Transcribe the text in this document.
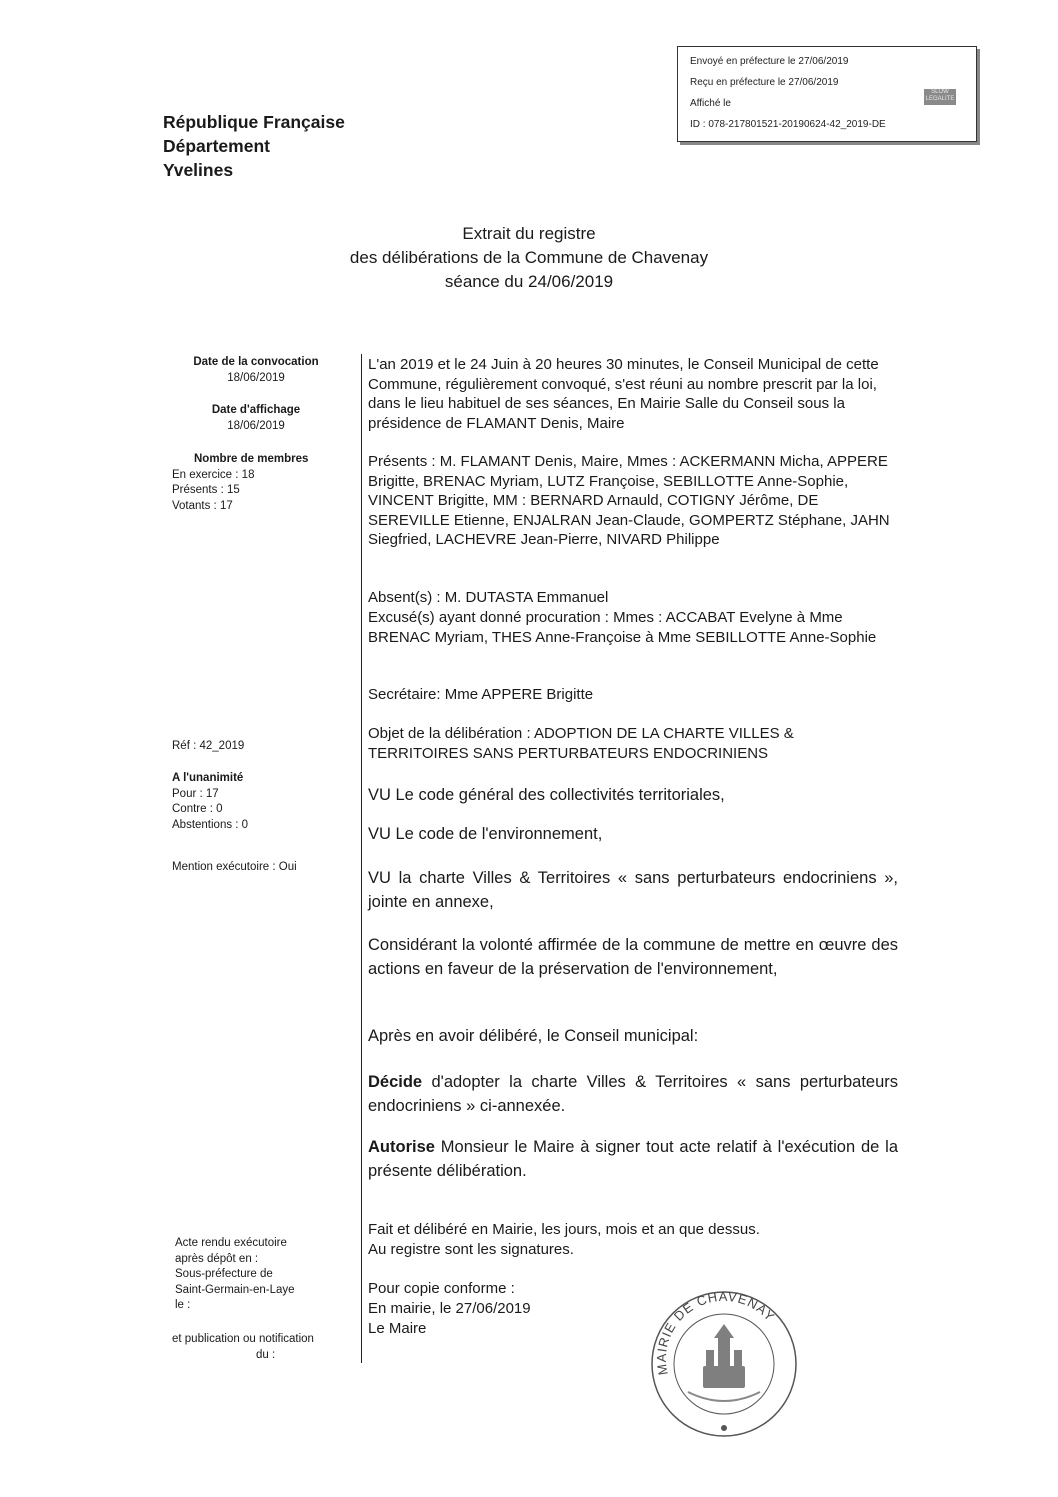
Envoyé en préfecture le 27/06/2019
Reçu en préfecture le 27/06/2019
Affiché le
ID : 078-217801521-20190624-42_2019-DE
SLOW LEGALITE
République Française
Département
Yvelines
Extrait du registre
des délibérations de la Commune de Chavenay
séance du 24/06/2019
Date de la convocation
18/06/2019
Date d'affichage
18/06/2019
Nombre de membres
En exercice : 18
Présents : 15
Votants : 17
Réf : 42_2019
A l'unanimité
Pour : 17
Contre : 0
Abstentions : 0
Mention exécutoire : Oui
Acte rendu exécutoire
après dépôt en :
Sous-préfecture de
Saint-Germain-en-Laye
le :
et publication ou notification
du :
L'an 2019 et le 24 Juin à 20 heures 30 minutes, le Conseil Municipal de cette Commune, régulièrement convoqué, s'est réuni au nombre prescrit par la loi, dans le lieu habituel de ses séances, En Mairie Salle du Conseil sous la présidence de FLAMANT Denis, Maire
Présents : M. FLAMANT Denis, Maire, Mmes : ACKERMANN Micha, APPERE Brigitte, BRENAC Myriam, LUTZ Françoise, SEBILLOTTE Anne-Sophie, VINCENT Brigitte, MM : BERNARD Arnauld, COTIGNY Jérôme, DE SEREVILLE Etienne, ENJALRAN Jean-Claude, GOMPERTZ Stéphane, JAHN Siegfried, LACHEVRE Jean-Pierre, NIVARD Philippe
Absent(s) : M. DUTASTA Emmanuel
Excusé(s) ayant donné procuration : Mmes : ACCABAT Evelyne à Mme BRENAC Myriam, THES Anne-Françoise à Mme SEBILLOTTE Anne-Sophie
Secrétaire: Mme APPERE Brigitte
Objet de la délibération : ADOPTION DE LA CHARTE VILLES & TERRITOIRES SANS PERTURBATEURS ENDOCRINIENS
VU Le code général des collectivités territoriales,
VU Le code de l'environnement,
VU la charte Villes & Territoires « sans perturbateurs endocriniens », jointe en annexe,
Considérant la volonté affirmée de la commune de mettre en œuvre des actions en faveur de la préservation de l'environnement,
Après en avoir délibéré, le Conseil municipal:
Décide d'adopter la charte Villes & Territoires « sans perturbateurs endocriniens » ci-annexée.
Autorise Monsieur le Maire à signer tout acte relatif à l'exécution de la présente délibération.
Fait et délibéré en Mairie, les jours, mois et an que dessus.
Au registre sont les signatures.
Pour copie conforme :
En mairie, le 27/06/2019
Le Maire
MAIRIE DE CHAVENAY
